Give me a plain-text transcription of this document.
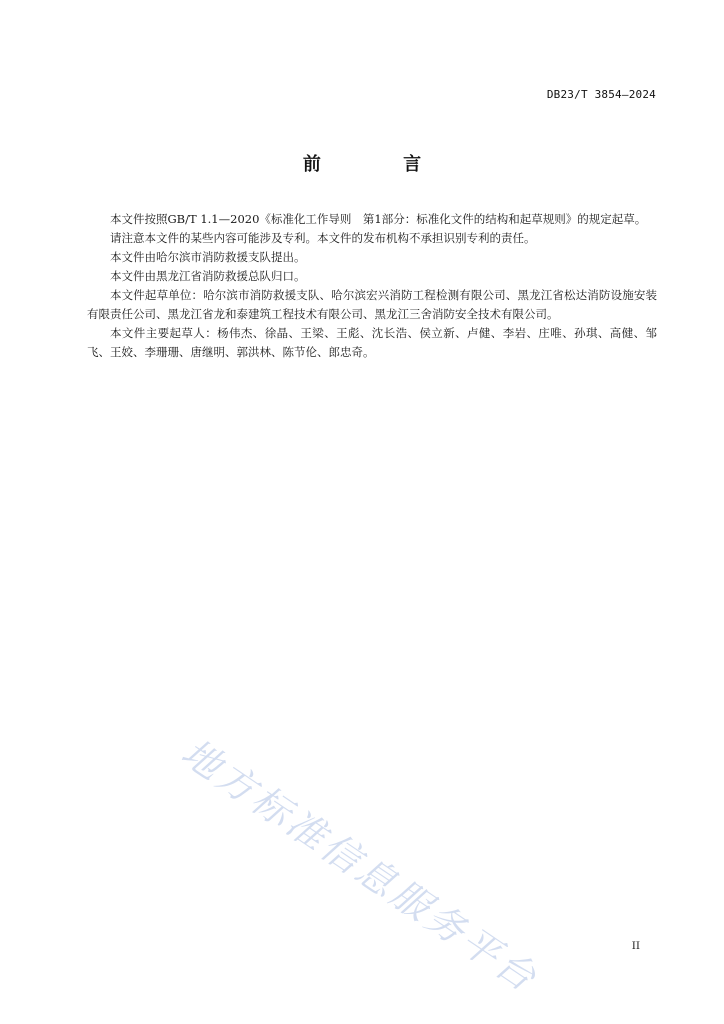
DB23/T 3854—2024
前 言

本文件按照GB/T 1.1—2020《标准化工作导则　第1部分：标准化文件的结构和起草规则》的规定起草。

请注意本文件的某些内容可能涉及专利。本文件的发布机构不承担识别专利的责任。

本文件由哈尔滨市消防救援支队提出。

本文件由黑龙江省消防救援总队归口。

本文件起草单位：哈尔滨市消防救援支队、哈尔滨宏兴消防工程检测有限公司、黑龙江省松达消防设施安装有限责任公司、黑龙江省龙和泰建筑工程技术有限公司、黑龙江三舍消防安全技术有限公司。

本文件主要起草人：杨伟杰、徐晶、王梁、王彪、沈长浩、侯立新、卢健、李岩、庄唯、孙琪、高健、邹飞、王姣、李珊珊、唐继明、郭洪林、陈节伦、郎忠奇。

地方标准信息服务平台	II
